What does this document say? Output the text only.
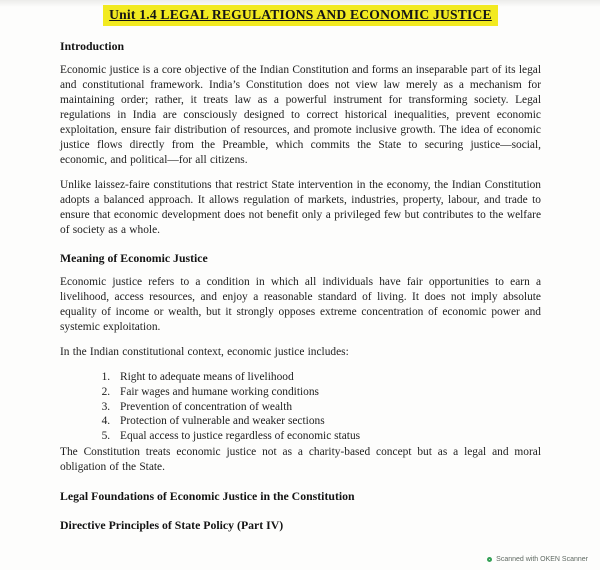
Unit 1.4 LEGAL REGULATIONS AND ECONOMIC JUSTICE
Introduction

Economic justice is a core objective of the Indian Constitution and forms an inseparable part of its legal and constitutional framework. India’s Constitution does not view law merely as a mechanism for maintaining order; rather, it treats law as a powerful instrument for transforming society. Legal regulations in India are consciously designed to correct historical inequalities, prevent economic exploitation, ensure fair distribution of resources, and promote inclusive growth. The idea of economic justice flows directly from the Preamble, which commits the State to securing justice—social, economic, and political—for all citizens.

Unlike laissez-faire constitutions that restrict State intervention in the economy, the Indian Constitution adopts a balanced approach. It allows regulation of markets, industries, property, labour, and trade to ensure that economic development does not benefit only a privileged few but contributes to the welfare of society as a whole.

Meaning of Economic Justice

Economic justice refers to a condition in which all individuals have fair opportunities to earn a livelihood, access resources, and enjoy a reasonable standard of living. It does not imply absolute equality of income or wealth, but it strongly opposes extreme concentration of economic power and systemic exploitation.

In the Indian constitutional context, economic justice includes:

1. Right to adequate means of livelihood
2. Fair wages and humane working conditions
3. Prevention of concentration of wealth
4. Protection of vulnerable and weaker sections
5. Equal access to justice regardless of economic status

The Constitution treats economic justice not as a charity-based concept but as a legal and moral obligation of the State.

Legal Foundations of Economic Justice in the Constitution
Directive Principles of State Policy (Part IV)
Scanned with OKEN Scanner
